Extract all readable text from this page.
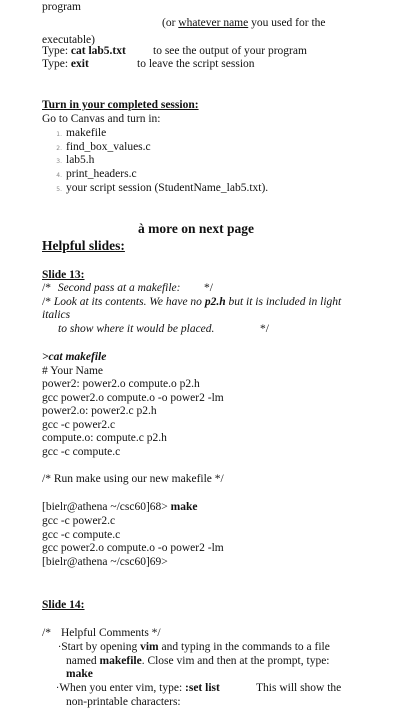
program
(or whatever name you used for the
executable)
Type: cat lab5.txt to see the output of your program
Type: exit	to leave the script session
Turn in your completed session:
Go to Canvas and turn in:
1. makefile
2. find_box_values.c
3. lab5.h
4. print_headers.c
5. your script session (StudentName_lab5.txt).
à more on next page
Helpful slides:
Slide 13:
/* Second pass at a makefile: */
/* Look at its contents. We have no p2.h but it is included in light
italics
to show where it would be placed.	*/
>cat makefile
# Your Name
power2: power2.o compute.o p2.h
gcc power2.o compute.o -o power2 -lm
power2.o: power2.c p2.h
gcc -c power2.c
compute.o: compute.c p2.h
gcc -c compute.c
/* Run make using our new makefile */
[bielr@athena ~/csc60]68> make
gcc -c power2.c
gcc -c compute.c
gcc power2.o compute.o -o power2 -lm
[bielr@athena ~/csc60]69>
Slide 14:
/* Helpful Comments */
·Start by opening vim and typing in the commands to a file
named makefile. Close vim and then at the prompt, type:
make
·When you enter vim, type: :set list	This will show the
non-printable characters:
